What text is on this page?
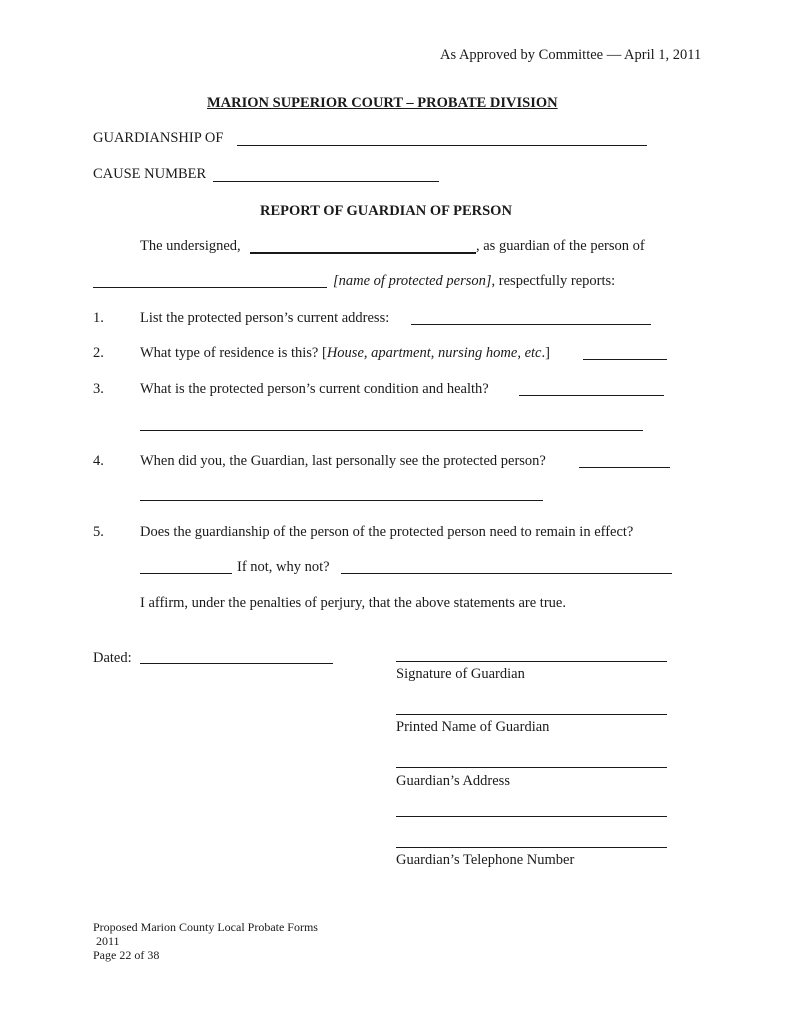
As Approved by Committee — April 1, 2011
MARION SUPERIOR COURT – PROBATE DIVISION
GUARDIANSHIP OF
CAUSE NUMBER
REPORT OF GUARDIAN OF PERSON
The undersigned,	, as guardian of the person of
[name of protected person], respectfully reports:
1. List the protected person’s current address:
2. What type of residence is this? [House, apartment, nursing home, etc.]
3. What is the protected person’s current condition and health?
4. When did you, the Guardian, last personally see the protected person?
5. Does the guardianship of the person of the protected person need to remain in effect?
If not, why not?
I affirm, under the penalties of perjury, that the above statements are true.
Dated:
Signature of Guardian
Printed Name of Guardian
Guardian’s Address
Guardian’s Telephone Number
Proposed Marion County Local Probate Forms
2011
Page 22 of 38
